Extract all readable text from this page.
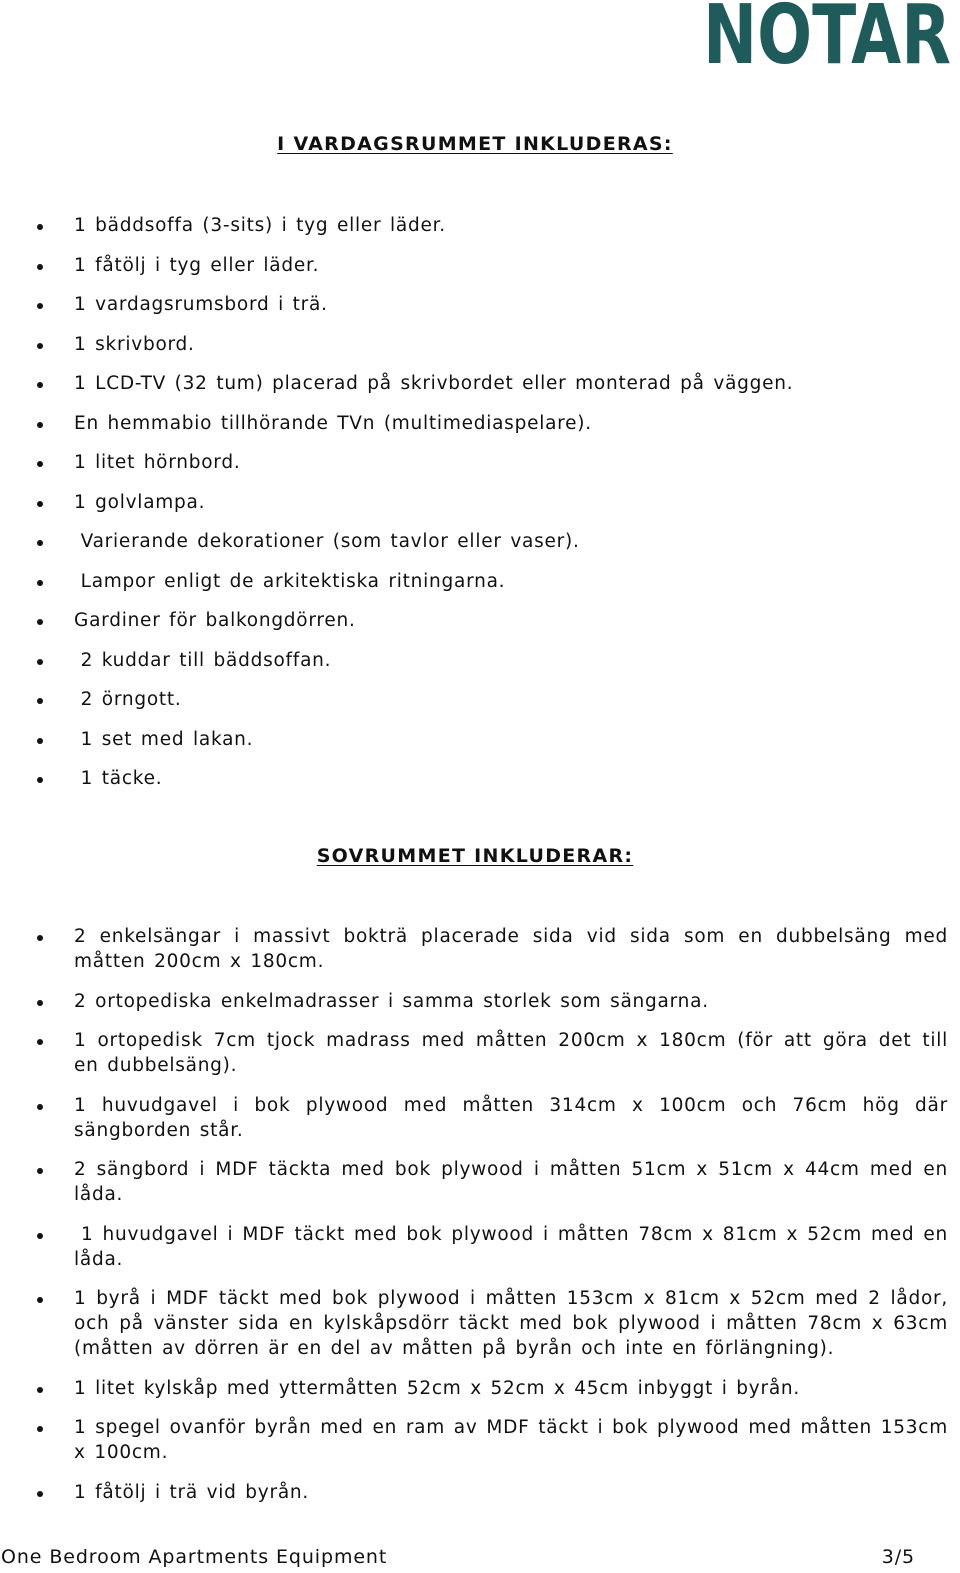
NOTAR
I VARDAGSRUMMET INKLUDERAS:
1 bäddsoffa (3-sits) i tyg eller läder.
1 fåtölj i tyg eller läder.
1 vardagsrumsbord i trä.
1 skrivbord.
1 LCD-TV (32 tum) placerad på skrivbordet eller monterad på väggen.
En hemmabio tillhörande TVn (multimediaspelare).
1 litet hörnbord.
1 golvlampa.
Varierande dekorationer (som tavlor eller vaser).
Lampor enligt de arkitektiska ritningarna.
Gardiner för balkongdörren.
2 kuddar till bäddsoffan.
2 örngott.
1 set med lakan.
1 täcke.
SOVRUMMET INKLUDERAR:
2 enkelsängar i massivt bokträ placerade sida vid sida som en dubbelsäng med måtten 200cm x 180cm.
2 ortopediska enkelmadrasser i samma storlek som sängarna.
1 ortopedisk 7cm tjock madrass med måtten 200cm x 180cm (för att göra det till en dubbelsäng).
1 huvudgavel i bok plywood med måtten 314cm x 100cm och 76cm hög där sängborden står.
2 sängbord i MDF täckta med bok plywood i måtten 51cm x 51cm x 44cm med en låda.
1 huvudgavel i MDF täckt med bok plywood i måtten 78cm x 81cm x 52cm med en låda.
1 byrå i MDF täckt med bok plywood i måtten 153cm x 81cm x 52cm med 2 lådor, och på vänster sida en kylskåpsdörr täckt med bok plywood i måtten 78cm x 63cm (måtten av dörren är en del av måtten på byrån och inte en förlängning).
1 litet kylskåp med yttermåtten 52cm x 52cm x 45cm inbyggt i byrån.
1 spegel ovanför byrån med en ram av MDF täckt i bok plywood med måtten 153cm x 100cm.
1 fåtölj i trä vid byrån.
One Bedroom Apartments Equipment	3/5
